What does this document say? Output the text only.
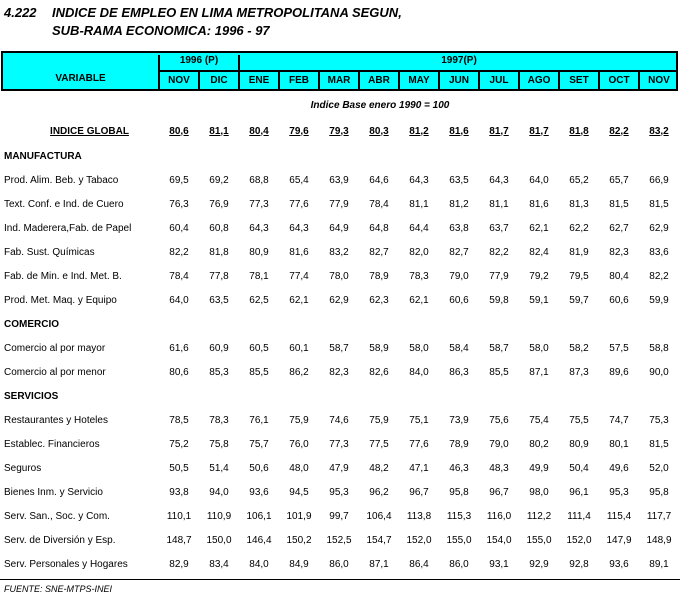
4.222 INDICE DE EMPLEO EN LIMA METROPOLITANA SEGUN,
SUB-RAMA ECONOMICA: 1996 - 97
VARIABLE
1996 (P)	1997(P)
NOV	DIC	ENE	FEB	MAR	ABR	MAY	JUN	JUL	AGO	SET	OCT	NOV
Indice Base enero 1990 = 100
INDICE GLOBAL	80,6	81,1	80,4	79,6	79,3	80,3	81,2	81,6	81,7	81,7	81,8	82,2	83,2
MANUFACTURA													
Prod. Alim. Beb. y Tabaco	69,5	69,2	68,8	65,4	63,9	64,6	64,3	63,5	64,3	64,0	65,2	65,7	66,9
Text. Conf. e Ind. de Cuero	76,3	76,9	77,3	77,6	77,9	78,4	81,1	81,2	81,1	81,6	81,3	81,5	81,5
Ind. Maderera,Fab. de Papel	60,4	60,8	64,3	64,3	64,9	64,8	64,4	63,8	63,7	62,1	62,2	62,7	62,9
Fab. Sust. Químicas	82,2	81,8	80,9	81,6	83,2	82,7	82,0	82,7	82,2	82,4	81,9	82,3	83,6
Fab. de Min. e Ind. Met. B.	78,4	77,8	78,1	77,4	78,0	78,9	78,3	79,0	77,9	79,2	79,5	80,4	82,2
Prod. Met. Maq. y Equipo	64,0	63,5	62,5	62,1	62,9	62,3	62,1	60,6	59,8	59,1	59,7	60,6	59,9
COMERCIO													
Comercio al por mayor	61,6	60,9	60,5	60,1	58,7	58,9	58,0	58,4	58,7	58,0	58,2	57,5	58,8
Comercio al por menor	80,6	85,3	85,5	86,2	82,3	82,6	84,0	86,3	85,5	87,1	87,3	89,6	90,0
SERVICIOS													
Restaurantes y Hoteles	78,5	78,3	76,1	75,9	74,6	75,9	75,1	73,9	75,6	75,4	75,5	74,7	75,3
Establec. Financieros	75,2	75,8	75,7	76,0	77,3	77,5	77,6	78,9	79,0	80,2	80,9	80,1	81,5
Seguros	50,5	51,4	50,6	48,0	47,9	48,2	47,1	46,3	48,3	49,9	50,4	49,6	52,0
Bienes Inm. y Servicio	93,8	94,0	93,6	94,5	95,3	96,2	96,7	95,8	96,7	98,0	96,1	95,3	95,8
Serv. San., Soc. y Com.	110,1	110,9	106,1	101,9	99,7	106,4	113,8	115,3	116,0	112,2	111,4	115,4	117,7
Serv. de Diversión y Esp.	148,7	150,0	146,4	150,2	152,5	154,7	152,0	155,0	154,0	155,0	152,0	147,9	148,9
Serv. Personales y Hogares	82,9	83,4	84,0	84,9	86,0	87,1	86,4	86,0	93,1	92,9	92,8	93,6	89,1
FUENTE: SNE-MTPS-INEI
